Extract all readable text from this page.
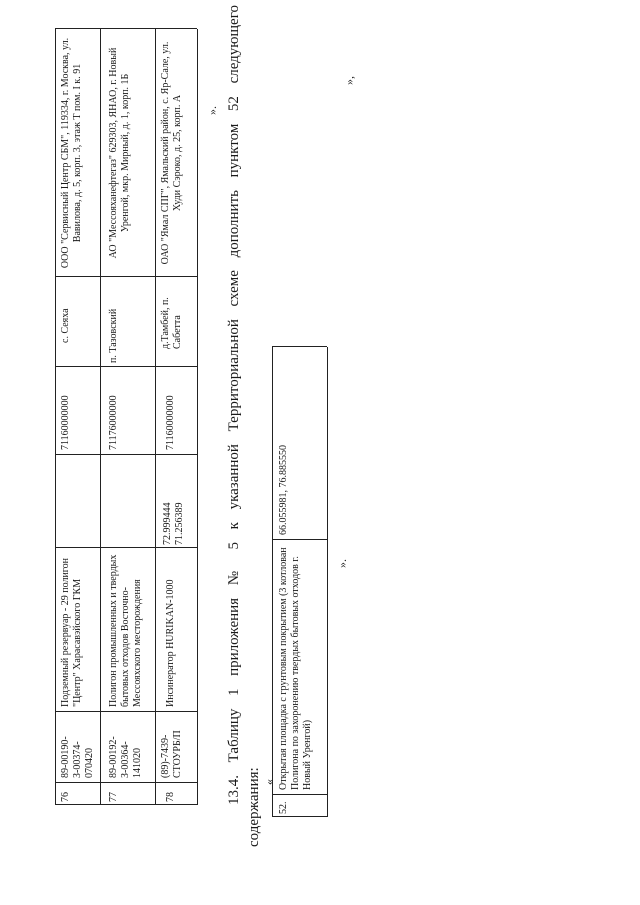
76
89-00190-З-00374-070420
Подземный резервуар - 29 полигон "Центр" Харасавэйского ГКМ
71160000000
с. Сеяха
ООО "Сервисный Центр СБМ", 119334, г. Москва, ул. Вавилова, д. 5, корп. 3, этаж Т пом. I к. 91
77
89-00192-З-00364-141020
Полигон промышленных и твердых бытовых отходов Восточно-Мессояхского месторождения
71176000000
п. Тазовский
АО "Мессояханефтегаз" 629303, ЯНАО, г. Новый Уренгой, мкр. Мирный, д. 1, корп. 1Б
78
(89)-7439-СТОУРБ/П
Инсинератор HURIKAN-1000
72.999444
71.256389
71160000000
д.Тамбей, п. Сабетта
ОАО "Ямал СПГ", Ямальский район, с. Яр-Сале, ул. Худи Сэроко, д. 25, корп. А ». 13.4. Таблицу 1 приложения № 5 к указанной Территориальной схеме дополнить пунктом 52 следующего
содержания: «
52.
Открытая площадка с грунтовым покрытием (3 котлован Полигона по захоронению твердых бытовых отходов г. Новый Уренгой)
66.055981, 76.885550
».
»,
